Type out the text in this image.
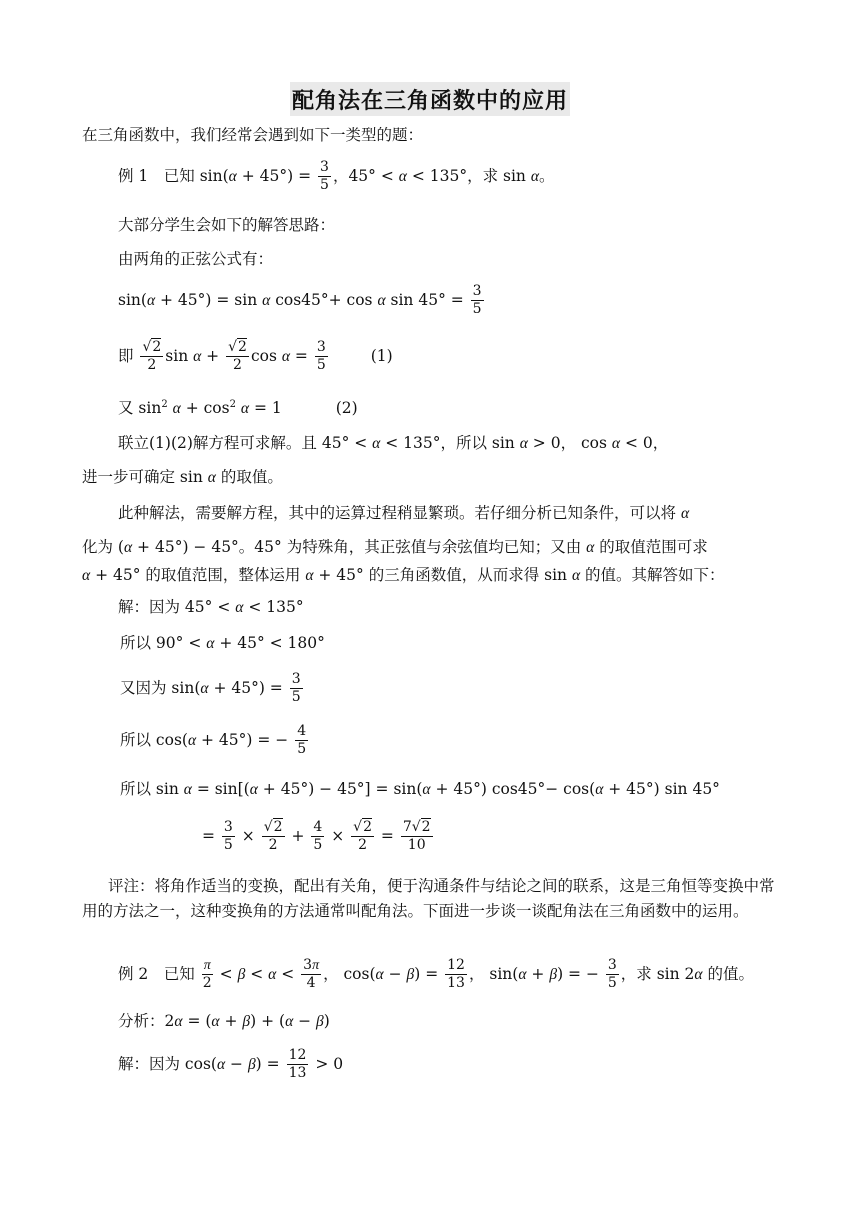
配角法在三角函数中的应用
在三角函数中，我们经常会遇到如下一类型的题：
例 1　已知 $\sin(\alpha + 45^\circ) = \frac{3}{5}$ ，45° < α < 135°，求 sin α。
大部分学生会如下的解答思路：
由两角的正弦公式有：
sin(α + 45°) = sin α cos45°+ cos α $\sin 45^\circ = \frac{3}{5}$
即 $\frac{√2}{2}$ $\sin \alpha + \frac{√2}{2}$ $\cos \alpha = \frac{3}{5}$	(1)
又 $\sin^2 \alpha + \cos^2 \alpha = 1$	(2)
联立(1)(2)解方程可求解。且 45° < α < 135°，所以 sin α > 0， cos α < 0，
进一步可确定 sin α 的取值。
此种解法，需要解方程，其中的运算过程稍显繁琐。若仔细分析已知条件，可以将 α
化为 (α + 45°) − 45°。45° 为特殊角，其正弦值与余弦值均已知；又由 α 的取值范围可求
α + 45° 的取值范围，整体运用 α + 45° 的三角函数值，从而求得 sin α 的值。其解答如下：
解：因为 45° < α < 135°
所以 90° < α + 45° < 180°
又因为 $\sin(\alpha + 45^\circ) = \frac{3}{5}$
所以 cos(α + 45°) = − $\frac{4}{5}$
所以 sin α = sin[(α + 45°) − 45°] = sin(α + 45°) cos45°− cos(α + 45°) sin 45°
= $\frac{3}{5} \times \frac{√2}{2} + \frac{4}{5} \times \frac{√2}{2} = \frac{7√2}{10}$
评注：将角作适当的变换，配出有关角，便于沟通条件与结论之间的联系，这是三角恒等变换中常用的方法之一，这种变换角的方法通常叫配角法。下面进一步谈一谈配角法在三角函数中的运用。
例 2　已知 $\frac{\pi}{2} < \beta < \alpha < \frac{3\pi}{4}$ ， $\cos(\alpha - \beta) = \frac{12}{13}$ ， sin(α + β) = − $\frac{3}{5}$ ，求 sin 2α 的值。
分析：2α = (α + β) + (α − β)
解：因为 $\cos(\alpha - \beta) = \frac{12}{13} > 0$
